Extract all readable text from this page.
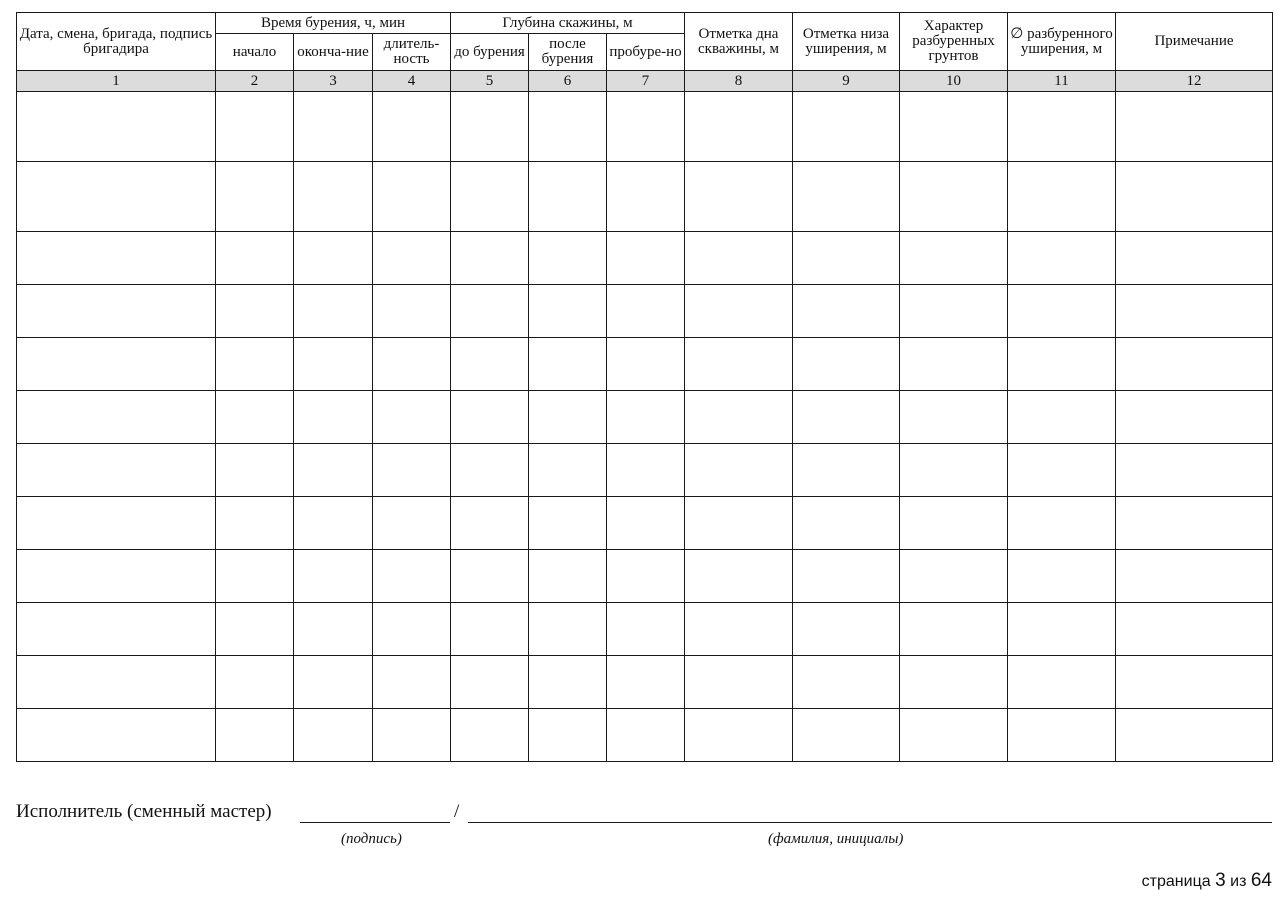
Дата, смена, бригада, подпись бригадира	Время бурения, ч, мин			Глубина скажины, м			Отметка дна скважины, м	Отметка низа уширения, м	Характер разбуренных грунтов	∅ разбуренного уширения, м	Примечание
	начало	оконча-ние	длитель-ность	до бурения	после бурения	пробуре-но					
1	2	3	4	5	6	7	8	9	10	11	12

Исполнитель (сменный мастер)	/
(подпись)	(фамилия, инициалы)
страница 3 из 64
